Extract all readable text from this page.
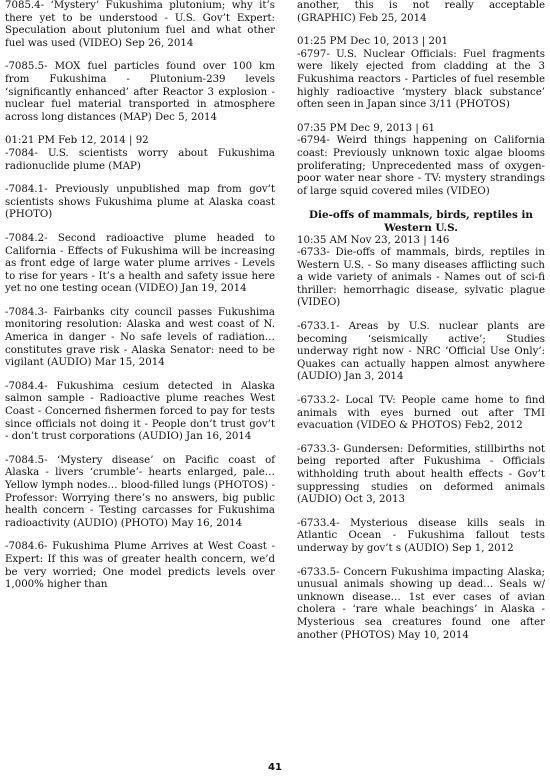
7085.4- ‘Mystery’ Fukushima plutonium; why it’s there yet to be understood - U.S. Gov’t Expert: Speculation about plutonium fuel and what other fuel was used (VIDEO) Sep 26, 2014

-7085.5- MOX fuel particles found over 100 km from Fukushima - Plutonium-239 levels ‘significantly enhanced’ after Reactor 3 explosion - nuclear fuel material transported in atmosphere across long distances (MAP) Dec 5, 2014

01:21 PM Feb 12, 2014 | 92

-7084- U.S. scientists worry about Fukushima radionuclide plume (MAP)

-7084.1- Previously unpublished map from gov’t scientists shows Fukushima plume at Alaska coast (PHOTO)

-7084.2- Second radioactive plume headed to California - Effects of Fukushima will be increasing as front edge of large water plume arrives - Levels to rise for years - It’s a health and safety issue here yet no one testing ocean (VIDEO) Jan 19, 2014

-7084.3- Fairbanks city council passes Fukushima monitoring resolution: Alaska and west coast of N. America in danger - No safe levels of radiation… constitutes grave risk - Alaska Senator: need to be vigilant (AUDIO) Mar 15, 2014

-7084.4- Fukushima cesium detected in Alaska salmon sample - Radioactive plume reaches West Coast - Concerned fishermen forced to pay for tests since officials not doing it - People don’t trust gov’t - don’t trust corporations (AUDIO) Jan 16, 2014

-7084.5- ‘Mystery disease’ on Pacific coast of Alaska - livers ‘crumble’- hearts enlarged, pale… Yellow lymph nodes… blood-filled lungs (PHOTOS) - Professor: Worrying there’s no answers, big public health concern - Testing carcasses for Fukushima radioactivity (AUDIO) (PHOTO) May 16, 2014

-7084.6- Fukushima Plume Arrives at West Coast - Expert: If this was of greater health concern, we’d be very worried; One model predicts levels over 1,000% higher than

another, this is not really acceptable (GRAPHIC) Feb 25, 2014

01:25 PM Dec 10, 2013 | 201

-6797- U.S. Nuclear Officials: Fuel fragments were likely ejected from cladding at the 3 Fukushima reactors - Particles of fuel resemble highly radioactive ‘mystery black substance’ often seen in Japan since 3/11 (PHOTOS)

07:35 PM Dec 9, 2013 | 61

-6794- Weird things happening on California coast: Previously unknown toxic algae blooms proliferating; Unprecedented mass of oxygen-poor water near shore - TV: mystery strandings of large squid covered miles (VIDEO)

Die-offs of mammals, birds, reptiles in Western U.S.

10:35 AM Nov 23, 2013 | 146

-6733- Die-offs of mammals, birds, reptiles in Western U.S. - So many diseases afflicting such a wide variety of animals - Names out of sci-fi thriller: hemorrhagic disease, sylvatic plague (VIDEO)

-6733.1- Areas by U.S. nuclear plants are becoming ‘seismically active’; Studies underway right now - NRC ‘Official Use Only’: Quakes can actually happen almost anywhere (AUDIO) Jan 3, 2014

-6733.2- Local TV: People came home to find animals with eyes burned out after TMI evacuation (VIDEO & PHOTOS) Feb2, 2012

-6733.3- Gundersen: Deformities, stillbirths not being reported after Fukushima - Officials withholding truth about health effects - Gov’t suppressing studies on deformed animals (AUDIO) Oct 3, 2013

-6733.4- Mysterious disease kills seals in Atlantic Ocean - Fukushima fallout tests underway by gov’t s (AUDIO) Sep 1, 2012

-6733.5- Concern Fukushima impacting Alaska; unusual animals showing up dead… Seals w/ unknown disease… 1st ever cases of avian cholera - ‘rare whale beachings’ in Alaska - Mysterious sea creatures found one after another (PHOTOS) May 10, 2014

41
